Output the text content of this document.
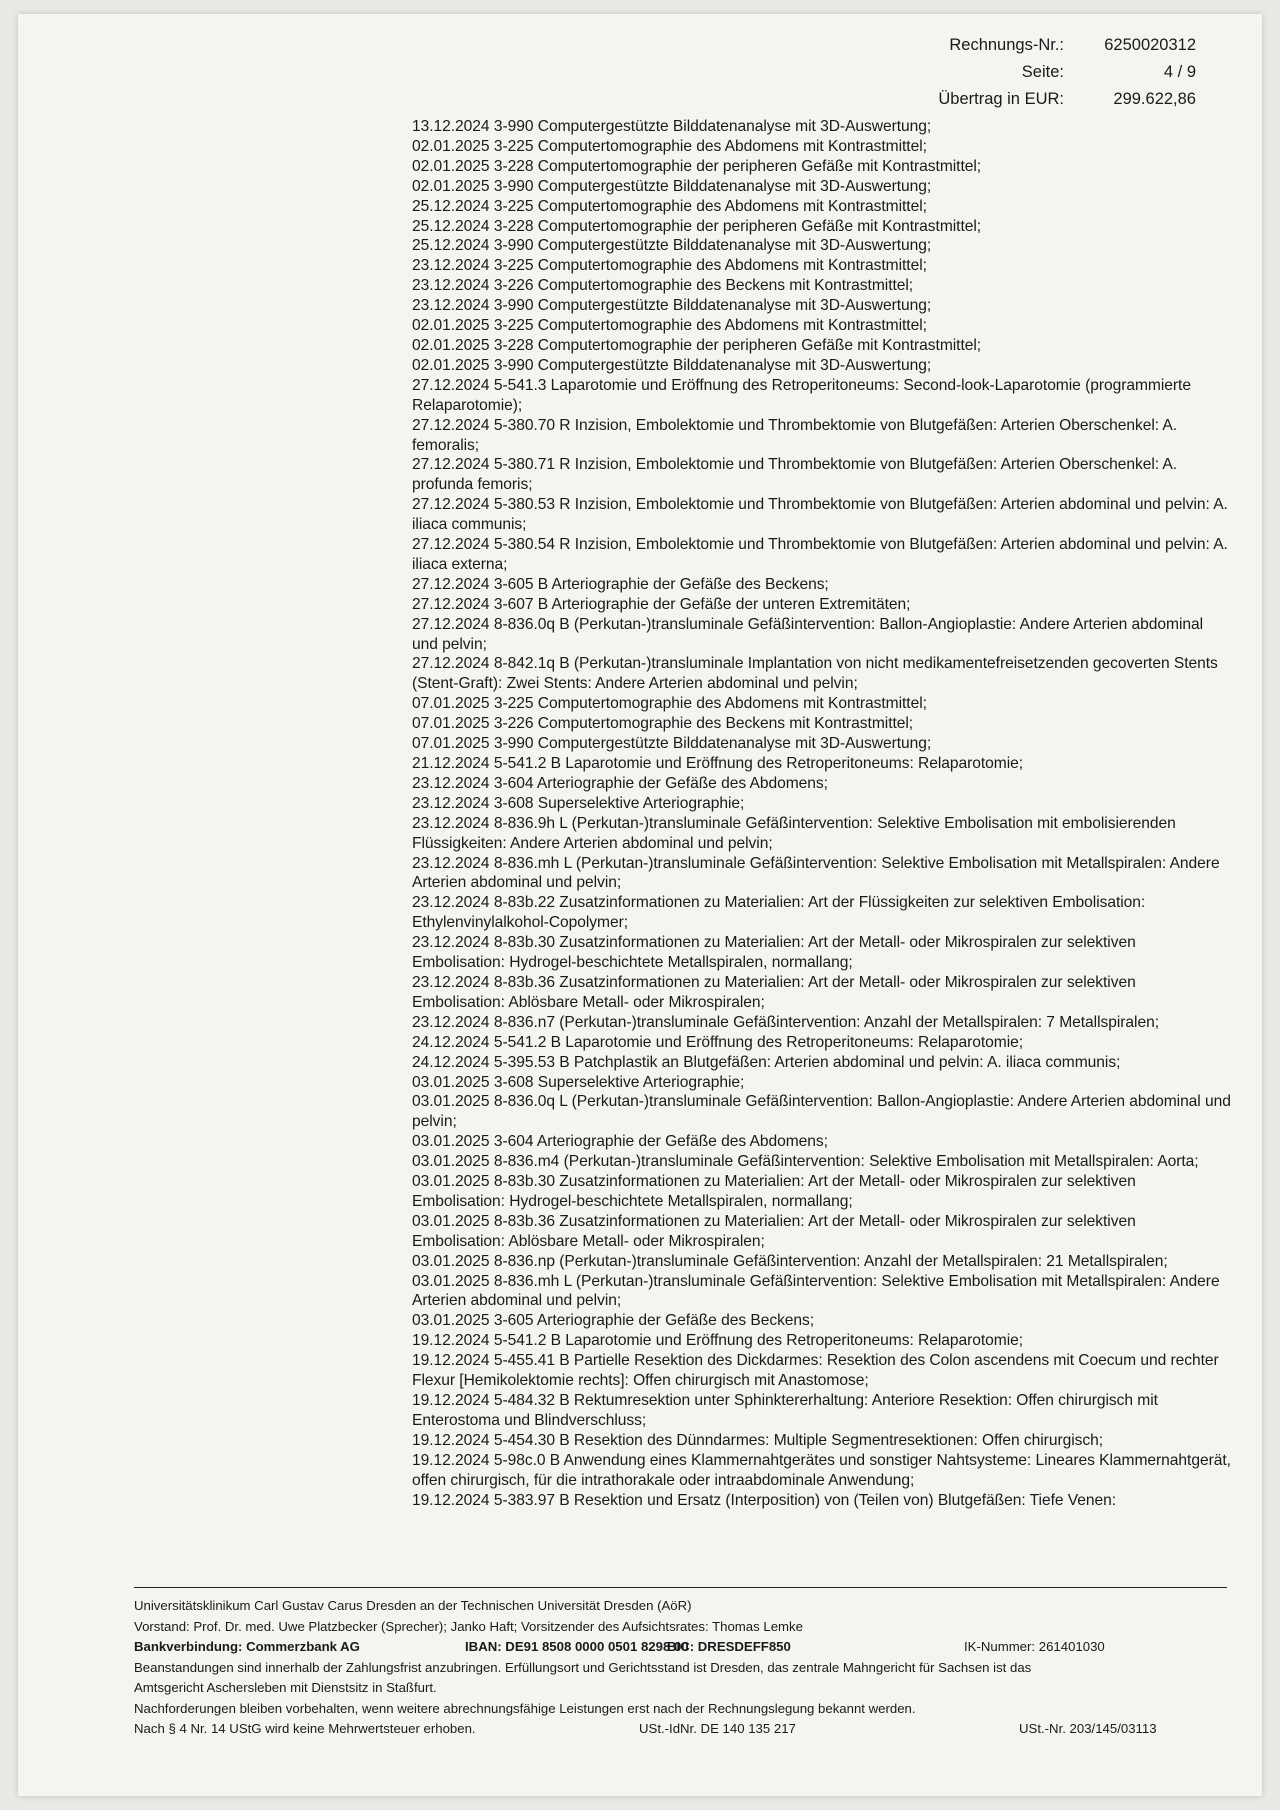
Rechnungs-Nr.:	6250020312
Seite:	4 / 9
Übertrag in EUR:	299.622,86
13.12.2024 3-990 Computergestützte Bilddatenanalyse mit 3D-Auswertung;
02.01.2025 3-225 Computertomographie des Abdomens mit Kontrastmittel;
02.01.2025 3-228 Computertomographie der peripheren Gefäße mit Kontrastmittel;
02.01.2025 3-990 Computergestützte Bilddatenanalyse mit 3D-Auswertung;
25.12.2024 3-225 Computertomographie des Abdomens mit Kontrastmittel;
25.12.2024 3-228 Computertomographie der peripheren Gefäße mit Kontrastmittel;
25.12.2024 3-990 Computergestützte Bilddatenanalyse mit 3D-Auswertung;
23.12.2024 3-225 Computertomographie des Abdomens mit Kontrastmittel;
23.12.2024 3-226 Computertomographie des Beckens mit Kontrastmittel;
23.12.2024 3-990 Computergestützte Bilddatenanalyse mit 3D-Auswertung;
02.01.2025 3-225 Computertomographie des Abdomens mit Kontrastmittel;
02.01.2025 3-228 Computertomographie der peripheren Gefäße mit Kontrastmittel;
02.01.2025 3-990 Computergestützte Bilddatenanalyse mit 3D-Auswertung;
27.12.2024 5-541.3 Laparotomie und Eröffnung des Retroperitoneums: Second-look-Laparotomie (programmierte Relaparotomie);
27.12.2024 5-380.70 R Inzision, Embolektomie und Thrombektomie von Blutgefäßen: Arterien Oberschenkel: A. femoralis;
27.12.2024 5-380.71 R Inzision, Embolektomie und Thrombektomie von Blutgefäßen: Arterien Oberschenkel: A. profunda femoris;
27.12.2024 5-380.53 R Inzision, Embolektomie und Thrombektomie von Blutgefäßen: Arterien abdominal und pelvin: A. iliaca communis;
27.12.2024 5-380.54 R Inzision, Embolektomie und Thrombektomie von Blutgefäßen: Arterien abdominal und pelvin: A. iliaca externa;
27.12.2024 3-605 B Arteriographie der Gefäße des Beckens;
27.12.2024 3-607 B Arteriographie der Gefäße der unteren Extremitäten;
27.12.2024 8-836.0q B (Perkutan-)transluminale Gefäßintervention: Ballon-Angioplastie: Andere Arterien abdominal und pelvin;
27.12.2024 8-842.1q B (Perkutan-)transluminale Implantation von nicht medikamentefreisetzenden gecoverten Stents (Stent-Graft): Zwei Stents: Andere Arterien abdominal und pelvin;
07.01.2025 3-225 Computertomographie des Abdomens mit Kontrastmittel;
07.01.2025 3-226 Computertomographie des Beckens mit Kontrastmittel;
07.01.2025 3-990 Computergestützte Bilddatenanalyse mit 3D-Auswertung;
21.12.2024 5-541.2 B Laparotomie und Eröffnung des Retroperitoneums: Relaparotomie;
23.12.2024 3-604 Arteriographie der Gefäße des Abdomens;
23.12.2024 3-608 Superselektive Arteriographie;
23.12.2024 8-836.9h L (Perkutan-)transluminale Gefäßintervention: Selektive Embolisation mit embolisierenden Flüssigkeiten: Andere Arterien abdominal und pelvin;
23.12.2024 8-836.mh L (Perkutan-)transluminale Gefäßintervention: Selektive Embolisation mit Metallspiralen: Andere Arterien abdominal und pelvin;
23.12.2024 8-83b.22 Zusatzinformationen zu Materialien: Art der Flüssigkeiten zur selektiven Embolisation: Ethylenvinylalkohol-Copolymer;
23.12.2024 8-83b.30 Zusatzinformationen zu Materialien: Art der Metall- oder Mikrospiralen zur selektiven Embolisation: Hydrogel-beschichtete Metallspiralen, normallang;
23.12.2024 8-83b.36 Zusatzinformationen zu Materialien: Art der Metall- oder Mikrospiralen zur selektiven Embolisation: Ablösbare Metall- oder Mikrospiralen;
23.12.2024 8-836.n7 (Perkutan-)transluminale Gefäßintervention: Anzahl der Metallspiralen: 7 Metallspiralen;
24.12.2024 5-541.2 B Laparotomie und Eröffnung des Retroperitoneums: Relaparotomie;
24.12.2024 5-395.53 B Patchplastik an Blutgefäßen: Arterien abdominal und pelvin: A. iliaca communis;
03.01.2025 3-608 Superselektive Arteriographie;
03.01.2025 8-836.0q L (Perkutan-)transluminale Gefäßintervention: Ballon-Angioplastie: Andere Arterien abdominal und pelvin;
03.01.2025 3-604 Arteriographie der Gefäße des Abdomens;
03.01.2025 8-836.m4 (Perkutan-)transluminale Gefäßintervention: Selektive Embolisation mit Metallspiralen: Aorta;
03.01.2025 8-83b.30 Zusatzinformationen zu Materialien: Art der Metall- oder Mikrospiralen zur selektiven Embolisation: Hydrogel-beschichtete Metallspiralen, normallang;
03.01.2025 8-83b.36 Zusatzinformationen zu Materialien: Art der Metall- oder Mikrospiralen zur selektiven Embolisation: Ablösbare Metall- oder Mikrospiralen;
03.01.2025 8-836.np (Perkutan-)transluminale Gefäßintervention: Anzahl der Metallspiralen: 21 Metallspiralen;
03.01.2025 8-836.mh L (Perkutan-)transluminale Gefäßintervention: Selektive Embolisation mit Metallspiralen: Andere Arterien abdominal und pelvin;
03.01.2025 3-605 Arteriographie der Gefäße des Beckens;
19.12.2024 5-541.2 B Laparotomie und Eröffnung des Retroperitoneums: Relaparotomie;
19.12.2024 5-455.41 B Partielle Resektion des Dickdarmes: Resektion des Colon ascendens mit Coecum und rechter Flexur [Hemikolektomie rechts]: Offen chirurgisch mit Anastomose;
19.12.2024 5-484.32 B Rektumresektion unter Sphinktererhaltung: Anteriore Resektion: Offen chirurgisch mit Enterostoma und Blindverschluss;
19.12.2024 5-454.30 B Resektion des Dünndarmes: Multiple Segmentresektionen: Offen chirurgisch;
19.12.2024 5-98c.0 B Anwendung eines Klammernahtgerätes und sonstiger Nahtsysteme: Lineares Klammernahtgerät, offen chirurgisch, für die intrathorakale oder intraabdominale Anwendung;
19.12.2024 5-383.97 B Resektion und Ersatz (Interposition) von (Teilen von) Blutgefäßen: Tiefe Venen:
Universitätsklinikum Carl Gustav Carus Dresden an der Technischen Universität Dresden (AöR)
Vorstand: Prof. Dr. med. Uwe Platzbecker (Sprecher); Janko Haft; Vorsitzender des Aufsichtsrates: Thomas Lemke
Bankverbindung: Commerzbank AG	IBAN: DE91 8508 0000 0501 8298 00
BIC: DRESDEFF850	IK-Nummer: 261401030
Beanstandungen sind innerhalb der Zahlungsfrist anzubringen. Erfüllungsort und Gerichtsstand ist Dresden, das zentrale Mahngericht für Sachsen ist das
Amtsgericht Aschersleben mit Dienstsitz in Staßfurt.
Nachforderungen bleiben vorbehalten, wenn weitere abrechnungsfähige Leistungen erst nach der Rechnungslegung bekannt werden.
Nach § 4 Nr. 14 UStG wird keine Mehrwertsteuer erhoben.	USt.-IdNr. DE 140 135 217	USt.-Nr. 203/145/03113
